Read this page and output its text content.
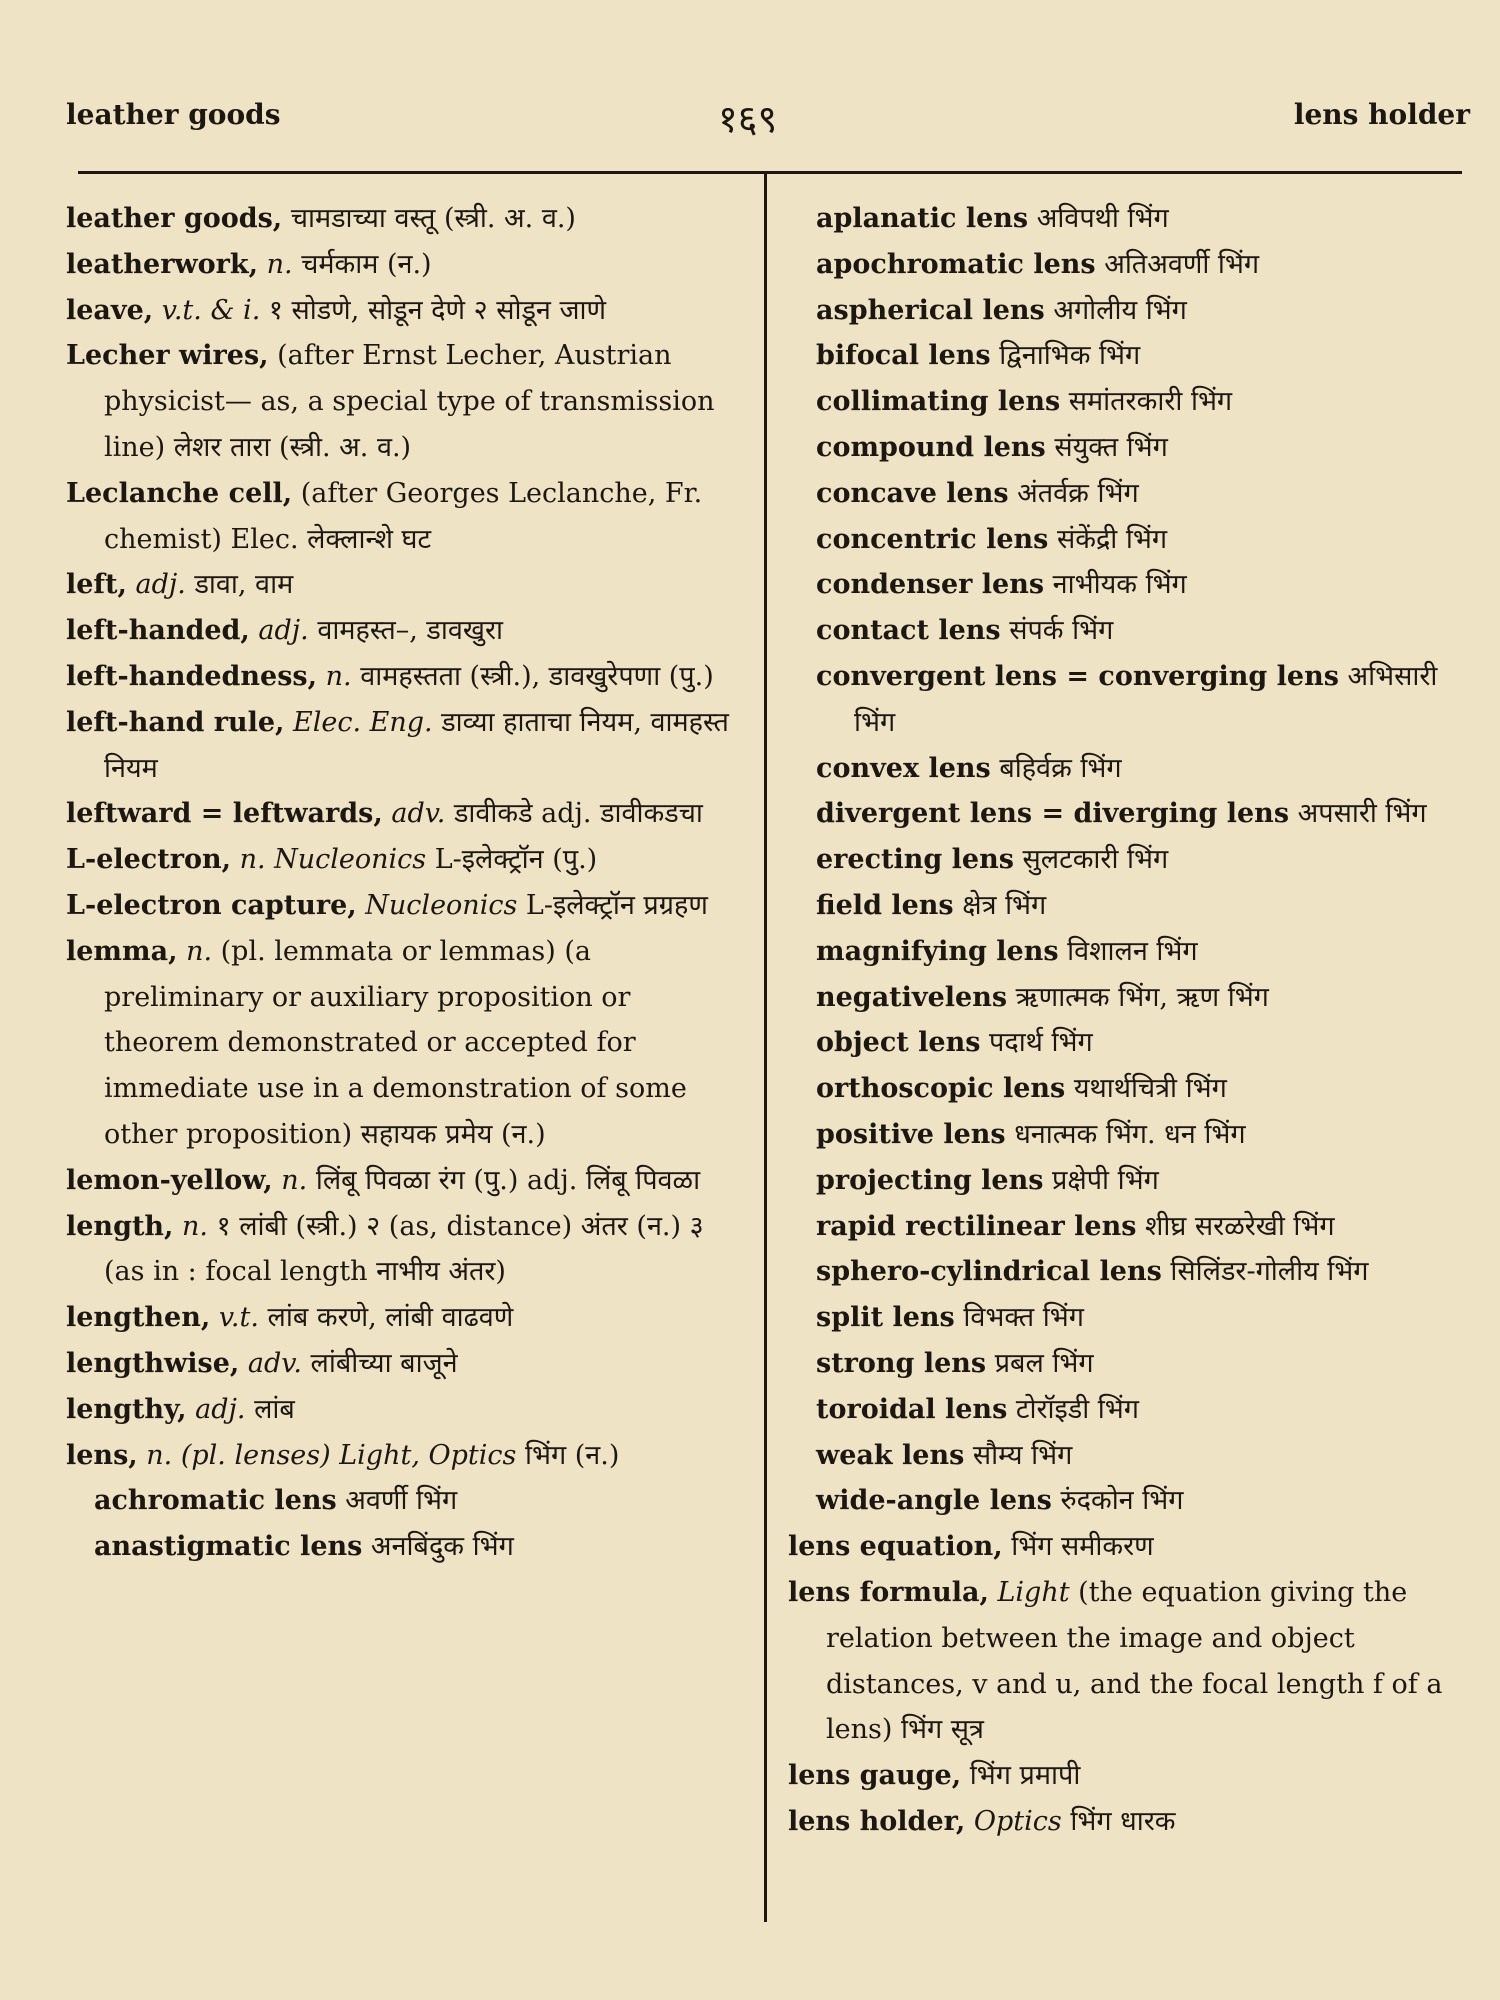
leather goods	१६९	lens holder
leather goods, चामडाच्या वस्तू (स्त्री. अ. व.)
leatherwork, n. चर्मकाम (न.)
leave, v.t. & i. १ सोडणे, सोडून देणे २ सोडून जाणे
Lecher wires, (after Ernst Lecher, Austrian physicist— as, a special type of transmission line) लेशर तारा (स्त्री. अ. व.)
Leclanche cell, (after Georges Leclanche, Fr. chemist) Elec. लेक्लान्शे घट
left, adj. डावा, वाम
left-handed, adj. वामहस्त–, डावखुरा
left-handedness, n. वामहस्तता (स्त्री.), डावखुरेपणा (पु.)
left-hand rule, Elec. Eng. डाव्या हाताचा नियम, वामहस्त नियम
leftward = leftwards, adv. डावीकडे adj. डावीकडचा
L-electron, n. Nucleonics L-इलेक्ट्रॉन (पु.)
L-electron capture, Nucleonics L-इलेक्ट्रॉन प्रग्रहण
lemma, n. (pl. lemmata or lemmas) (a preliminary or auxiliary proposition or theorem demonstrated or accepted for immediate use in a demonstration of some other proposition) सहायक प्रमेय (न.)
lemon-yellow, n. लिंबू पिवळा रंग (पु.) adj. लिंबू पिवळा
length, n. १ लांबी (स्त्री.) २ (as, distance) अंतर (न.) ३ (as in : focal length नाभीय अंतर)
lengthen, v.t. लांब करणे, लांबी वाढवणे
lengthwise, adv. लांबीच्या बाजूने
lengthy, adj. लांब
lens, n. (pl. lenses) Light, Optics भिंग (न.)
achromatic lens अवर्णी भिंग
anastigmatic lens अनबिंदुक भिंग
aplanatic lens अविपथी भिंग
apochromatic lens अतिअवर्णी भिंग
aspherical lens अगोलीय भिंग
bifocal lens द्विनाभिक भिंग
collimating lens समांतरकारी भिंग
compound lens संयुक्त भिंग
concave lens अंतर्वक्र भिंग
concentric lens संकेंद्री भिंग
condenser lens नाभीयक भिंग
contact lens संपर्क भिंग
convergent lens = converging lens अभिसारी भिंग
convex lens बहिर्वक्र भिंग
divergent lens = diverging lens अपसारी भिंग
erecting lens सुलटकारी भिंग
field lens क्षेत्र भिंग
magnifying lens विशालन भिंग
negativelens ऋणात्मक भिंग, ऋण भिंग
object lens पदार्थ भिंग
orthoscopic lens यथार्थचित्री भिंग
positive lens धनात्मक भिंग. धन भिंग
projecting lens प्रक्षेपी भिंग
rapid rectilinear lens शीघ्र सरळरेखी भिंग
sphero-cylindrical lens सिलिंडर-गोलीय भिंग
split lens विभक्त भिंग
strong lens प्रबल भिंग
toroidal lens टोरॉइडी भिंग
weak lens सौम्य भिंग
wide-angle lens रुंदकोन भिंग
lens equation, भिंग समीकरण
lens formula, Light (the equation giving the relation between the image and object distances, v and u, and the focal length f of a lens) भिंग सूत्र
lens gauge, भिंग प्रमापी
lens holder, Optics भिंग धारक
